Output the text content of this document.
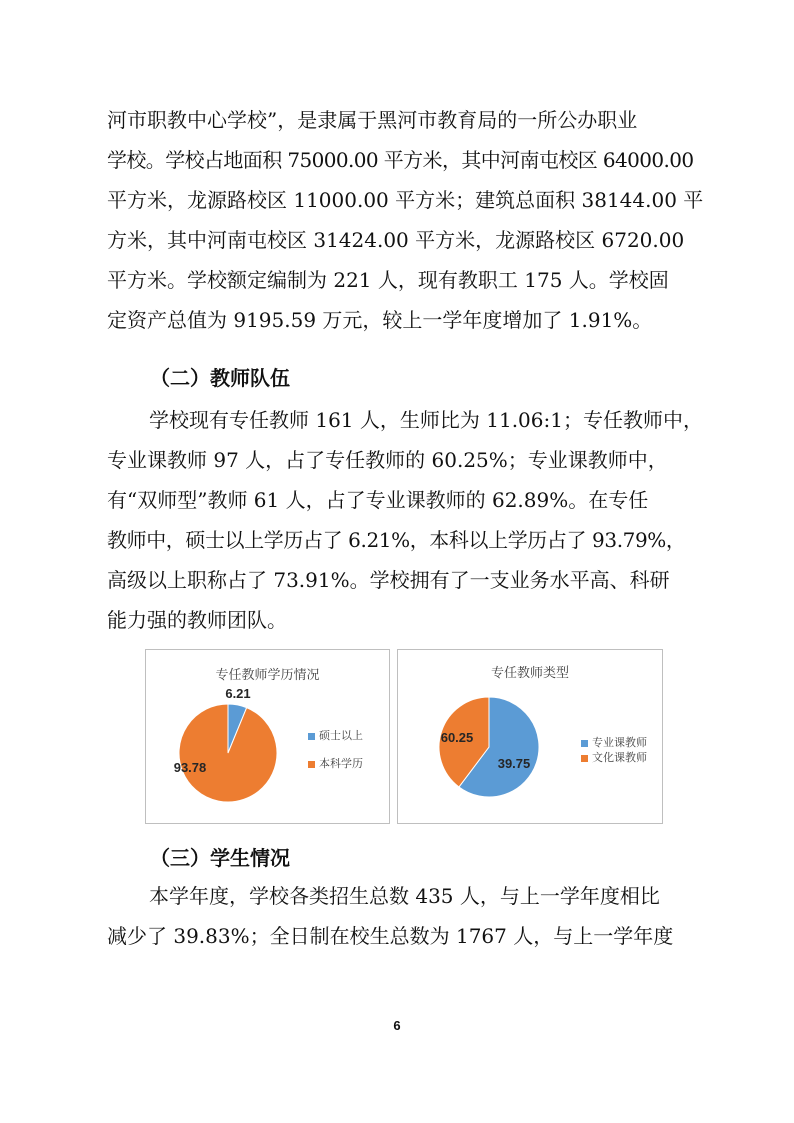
河市职教中心学校”，是隶属于黑河市教育局的一所公办职业
学校。学校占地面积 75000.00 平方米，其中河南屯校区 64000.00
平方米，龙源路校区 11000.00 平方米；建筑总面积 38144.00 平
方米，其中河南屯校区 31424.00 平方米，龙源路校区 6720.00
平方米。学校额定编制为 221 人，现有教职工 175 人。学校固
定资产总值为 9195.59 万元，较上一学年度增加了 1.91%。
（二）教师队伍
学校现有专任教师 161 人，生师比为 11.06:1；专任教师中，
专业课教师 97 人，占了专任教师的 60.25%；专业课教师中，
有“双师型”教师 61 人，占了专业课教师的 62.89%。在专任
教师中，硕士以上学历占了 6.21%，本科以上学历占了 93.79%，
高级以上职称占了 73.91%。学校拥有了一支业务水平高、科研
能力强的教师团队。
专任教师学历情况
6.21
93.78
硕士以上
本科学历
专任教师类型
60.25
39.75
专业课教师
文化课教师
（三）学生情况
本学年度，学校各类招生总数 435 人，与上一学年度相比
减少了 39.83%；全日制在校生总数为 1767 人，与上一学年度
6
